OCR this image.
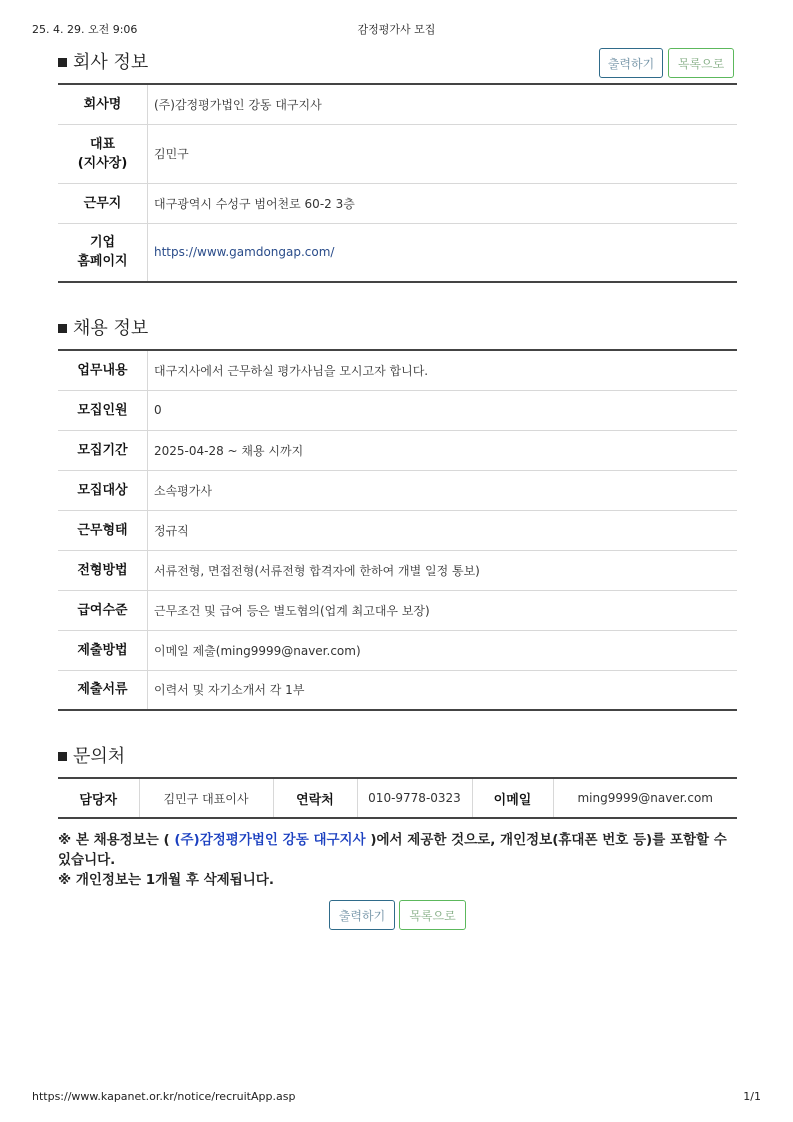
25. 4. 29. 오전 9:06	감정평가사 모집
회사 정보	출력하기	목록으로
회사명	(주)감정평가법인 강동 대구지사
대표
(지사장)	김민구
근무지	대구광역시 수성구 범어천로 60-2 3층
기업
홈페이지	https://www.gamdongap.com/
채용 정보
업무내용	대구지사에서 근무하실 평가사님을 모시고자 합니다.
모집인원	0
모집기간	2025-04-28 ~ 채용 시까지
모집대상	소속평가사
근무형태	정규직
전형방법	서류전형, 면접전형(서류전형 합격자에 한하여 개별 일정 통보)
급여수준	근무조건 및 급여 등은 별도협의(업계 최고대우 보장)
제출방법	이메일 제출(ming9999@naver.com)
제출서류	이력서 및 자기소개서 각 1부
문의처
담당자	김민구 대표이사	연락처	010-9778-0323	이메일	ming9999@naver.com
※ 본 채용정보는 ( (주)감정평가법인 강동 대구지사 )에서 제공한 것으로, 개인정보(휴대폰 번호 등)를 포함할 수 있습니다.
※ 개인정보는 1개월 후 삭제됩니다.
출력하기	목록으로
https://www.kapanet.or.kr/notice/recruitApp.asp	1/1
